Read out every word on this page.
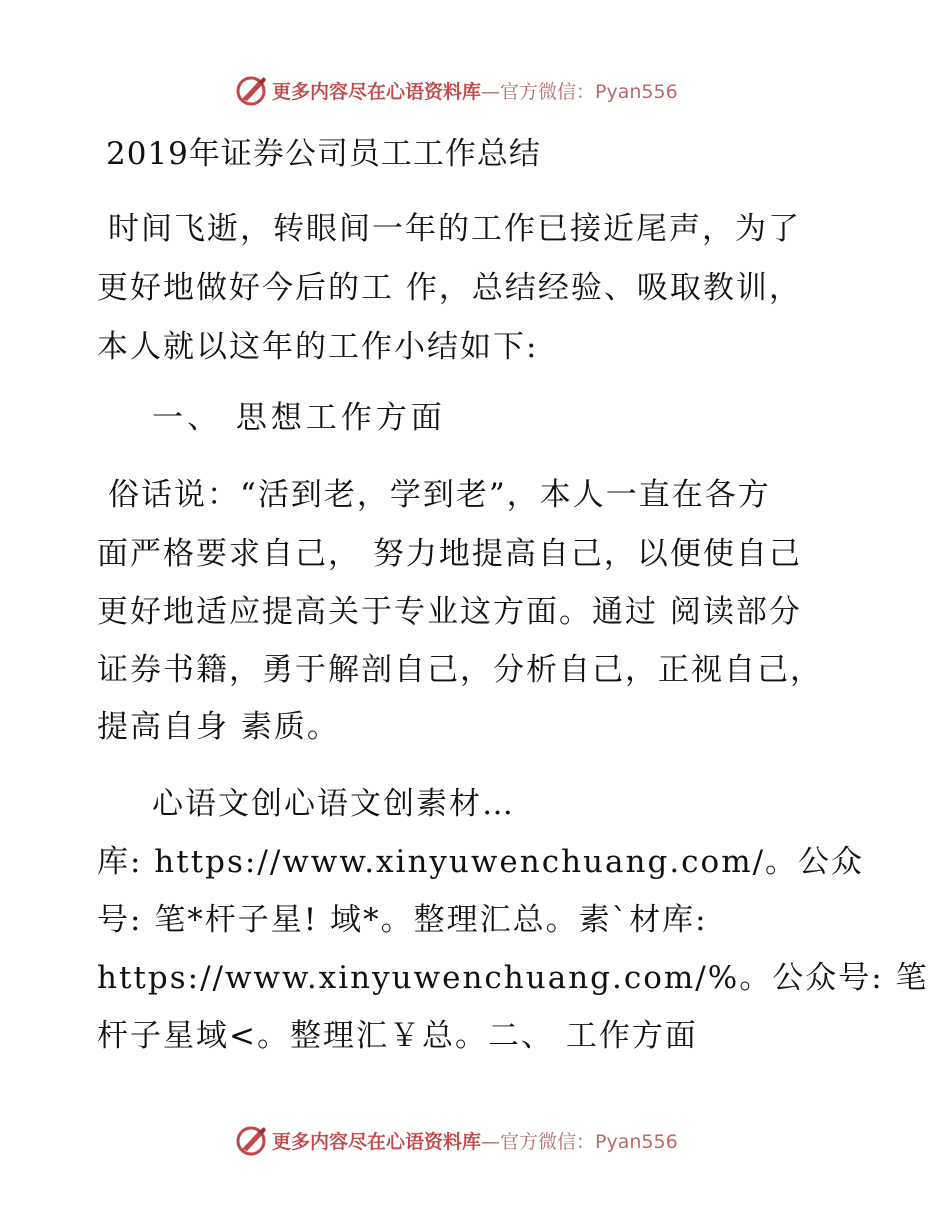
更多内容尽在心语资料库—官方微信：Pyan556
2019年证券公司员工工作总结
时间飞逝，转眼间一年的工作已接近尾声，为了
更好地做好今后的工 作，总结经验、吸取教训，
本人就以这年的工作小结如下:
一、 思想工作方面
俗话说：“活到老，学到老”，本人一直在各方
面严格要求自己， 努力地提高自己，以便使自己
更好地适应提高关于专业这方面。通过 阅读部分
证券书籍，勇于解剖自己，分析自己，正视自己，
提高自身 素质。
心语文创心语文创素材…
库: https://www.xinyuwenchuang.com/。公众
号: 笔*杆子星! 域*。整理汇总。素`材库:
https://www.xinyuwenchuang.com/%。公众号: 笔
杆子星域<。整理汇￥总。二、 工作方面
更多内容尽在心语资料库—官方微信：Pyan556
